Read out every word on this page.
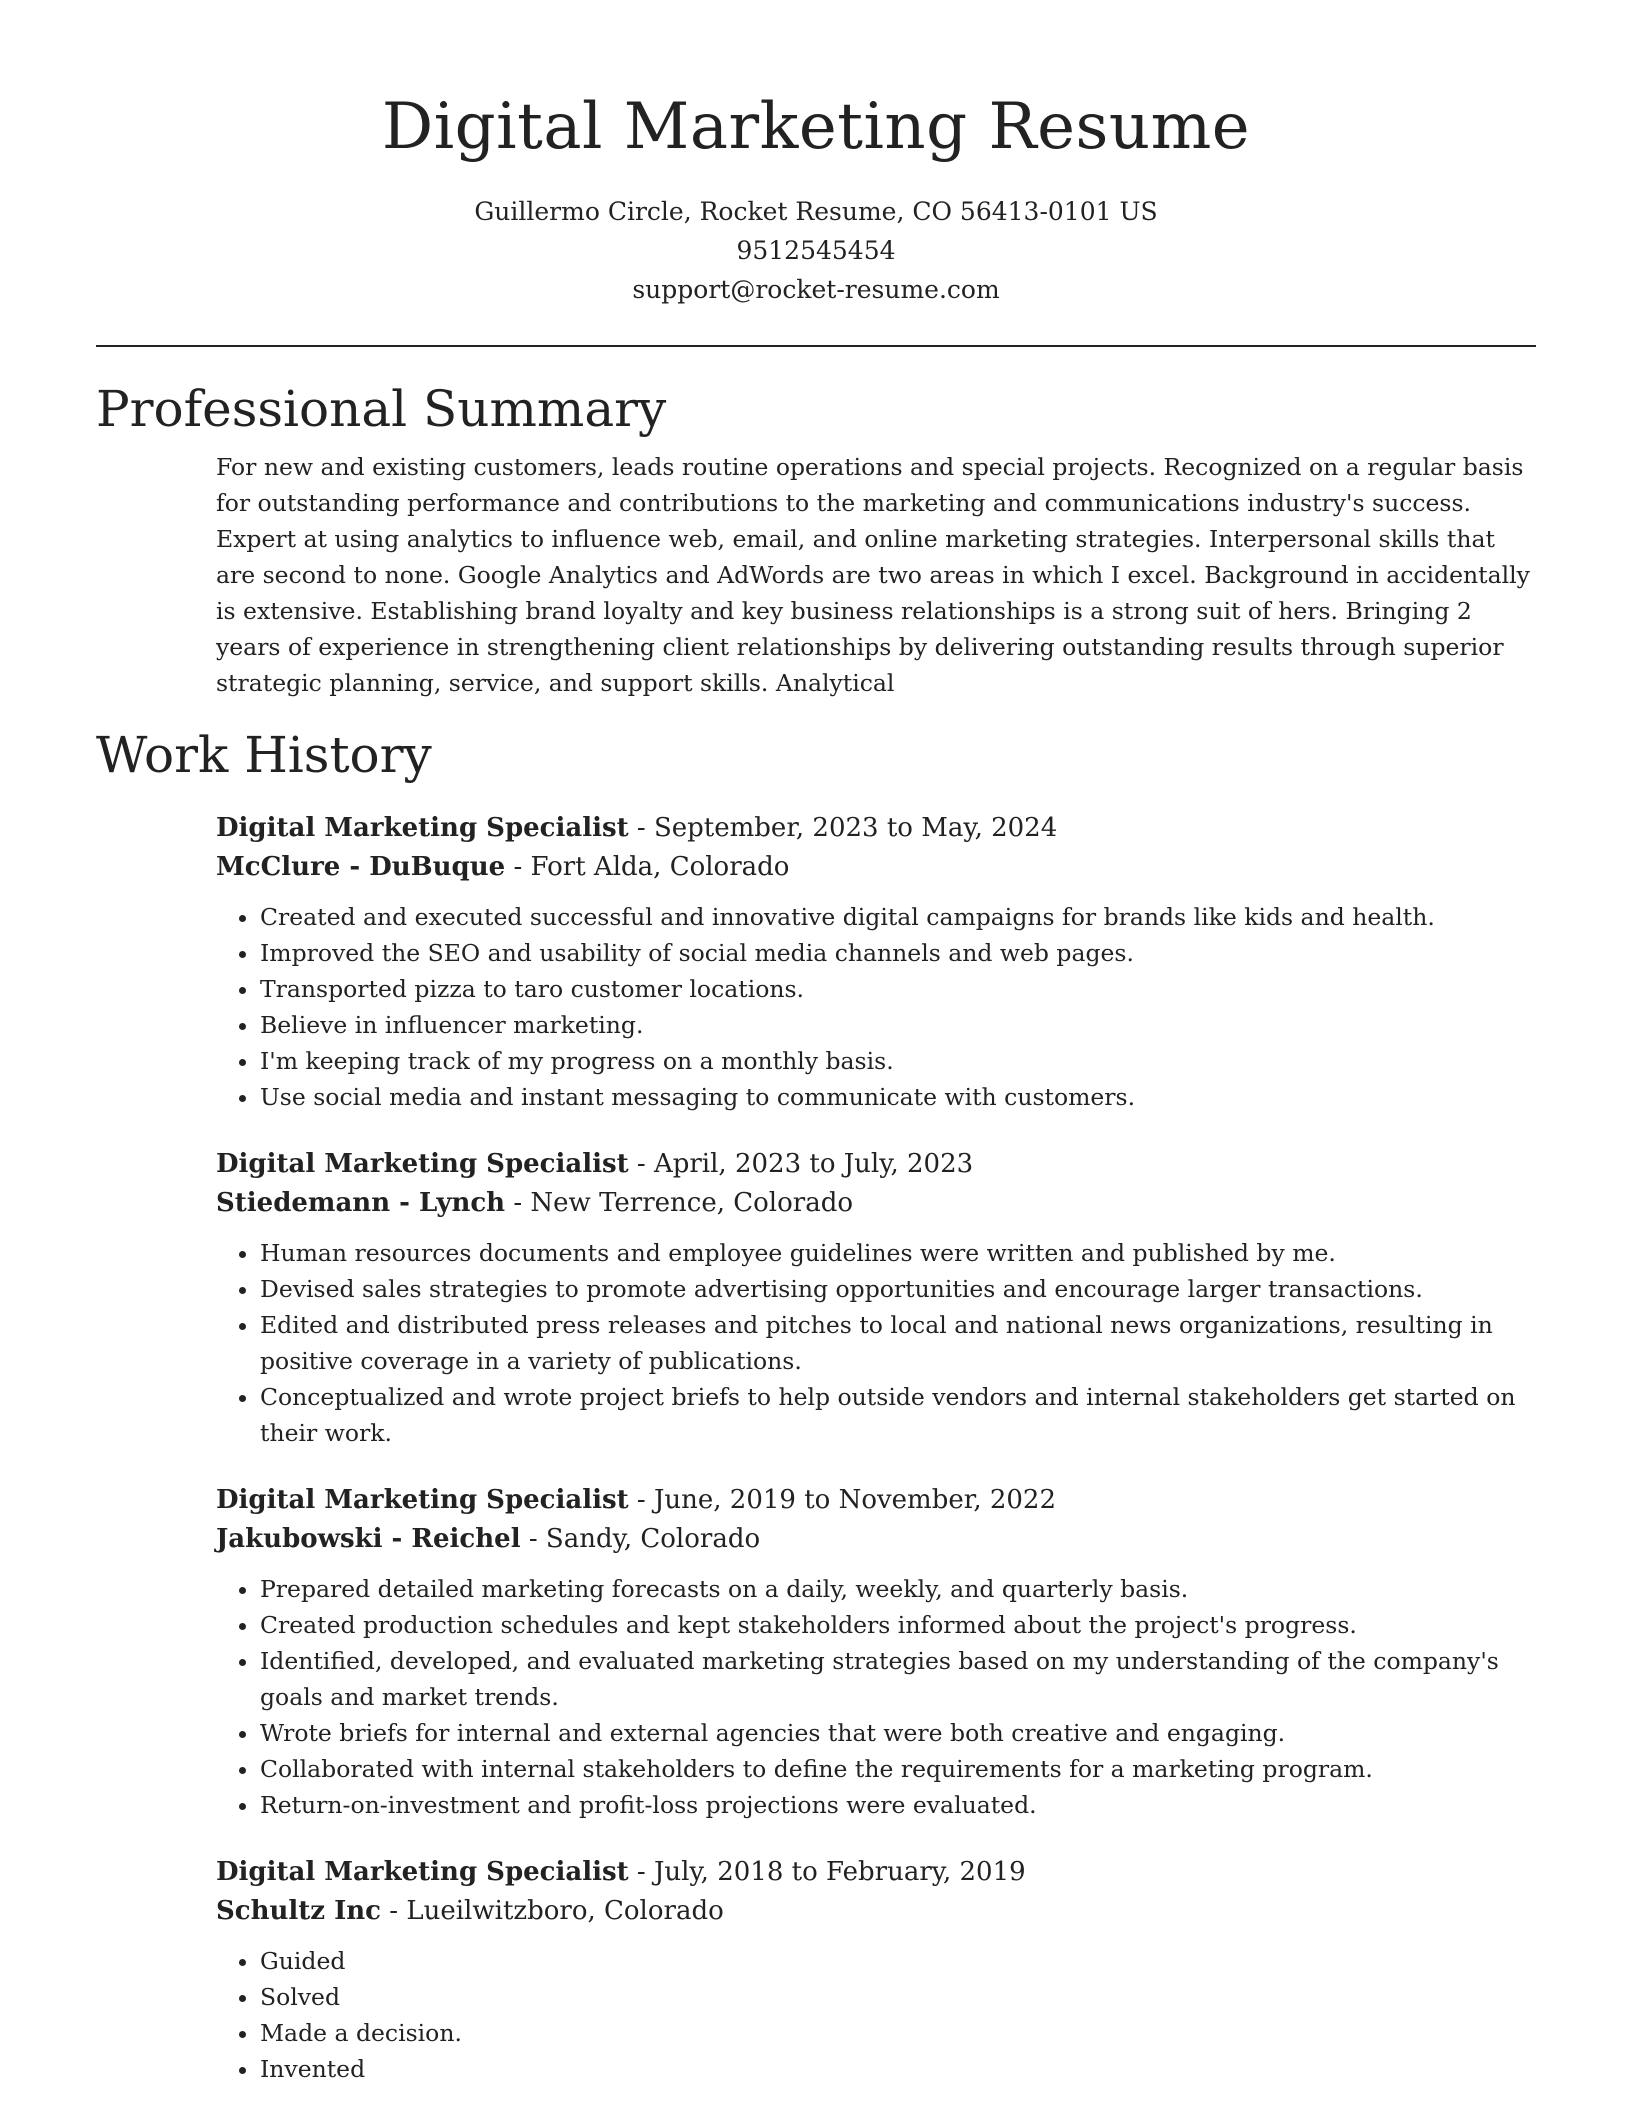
Digital Marketing Resume
Guillermo Circle, Rocket Resume, CO 56413-0101 US
9512545454
support@rocket-resume.com
Professional Summary

For new and existing customers, leads routine operations and special projects. Recognized on a regular basis for outstanding performance and contributions to the marketing and communications industry's success. Expert at using analytics to influence web, email, and online marketing strategies. Interpersonal skills that are second to none. Google Analytics and AdWords are two areas in which I excel. Background in accidentally is extensive. Establishing brand loyalty and key business relationships is a strong suit of hers. Bringing 2 years of experience in strengthening client relationships by delivering outstanding results through superior strategic planning, service, and support skills. Analytical

Work History

Digital Marketing Specialist - September, 2023 to May, 2024

McClure - DuBuque - Fort Alda, Colorado

• Created and executed successful and innovative digital campaigns for brands like kids and health.
• Improved the SEO and usability of social media channels and web pages.
• Transported pizza to taro customer locations.
• Believe in influencer marketing.
• I'm keeping track of my progress on a monthly basis.
• Use social media and instant messaging to communicate with customers.

Digital Marketing Specialist - April, 2023 to July, 2023

Stiedemann - Lynch - New Terrence, Colorado

• Human resources documents and employee guidelines were written and published by me.
• Devised sales strategies to promote advertising opportunities and encourage larger transactions.
• Edited and distributed press releases and pitches to local and national news organizations, resulting in positive coverage in a variety of publications.
• Conceptualized and wrote project briefs to help outside vendors and internal stakeholders get started on their work.

Digital Marketing Specialist - June, 2019 to November, 2022

Jakubowski - Reichel - Sandy, Colorado

• Prepared detailed marketing forecasts on a daily, weekly, and quarterly basis.
• Created production schedules and kept stakeholders informed about the project's progress.
• Identified, developed, and evaluated marketing strategies based on my understanding of the company's goals and market trends.
• Wrote briefs for internal and external agencies that were both creative and engaging.
• Collaborated with internal stakeholders to define the requirements for a marketing program.
• Return-on-investment and profit-loss projections were evaluated.

Digital Marketing Specialist - July, 2018 to February, 2019

Schultz Inc - Lueilwitzboro, Colorado

• Guided
• Solved
• Made a decision.
• Invented
